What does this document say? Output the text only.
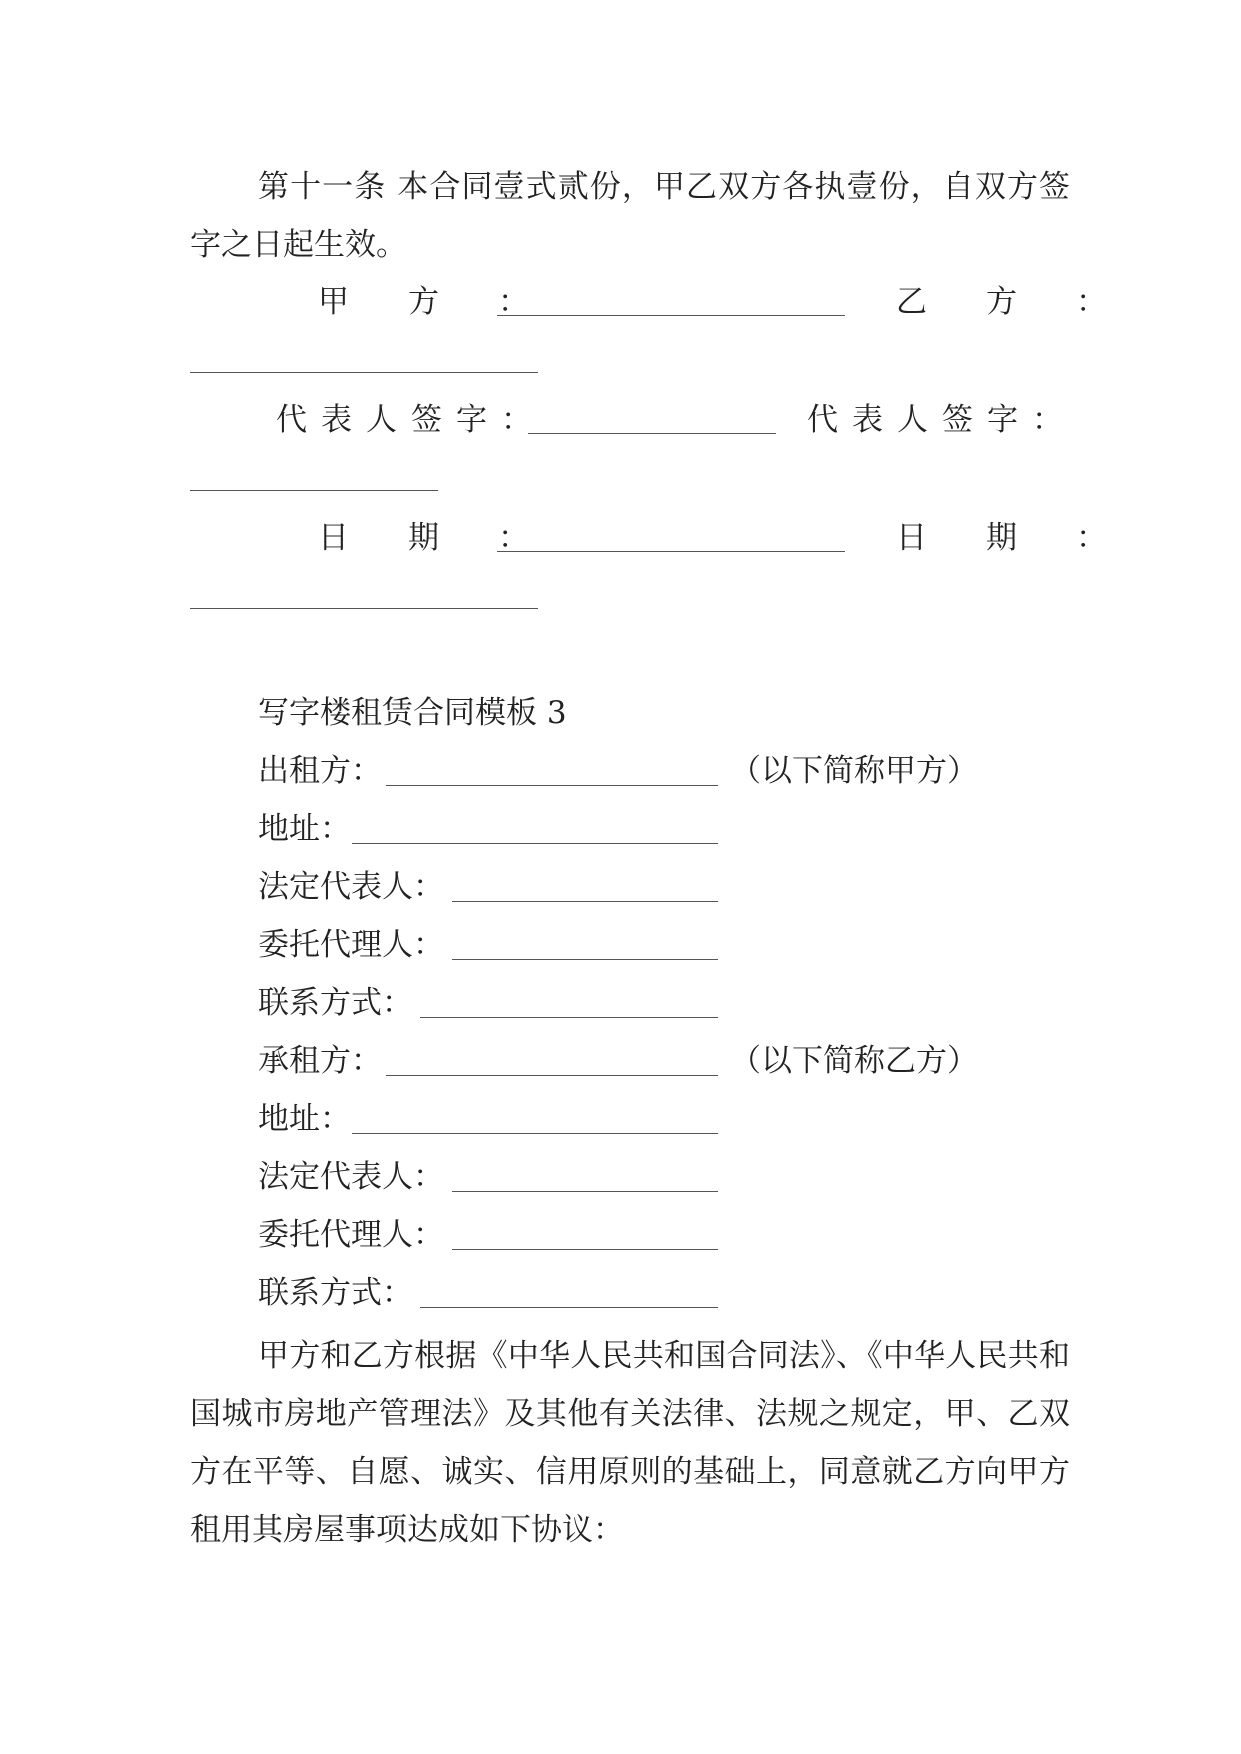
第十一条 本合同壹式贰份，甲乙双方各执壹份，自双方签字之日起生效。
甲　方　：	乙　方　：
代表人签字：	代表人签字：
日　期　：	日　期　：
写字楼租赁合同模板 3
出租方：	（以下简称甲方）
地址：
法定代表人：
委托代理人：
联系方式：
承租方：	（以下简称乙方）
地址：
法定代表人：
委托代理人：
联系方式：
甲方和乙方根据《中华人民共和国合同法》、《中华人民共和国城市房地产管理法》及其他有关法律、法规之规定，甲、乙双方在平等、自愿、诚实、信用原则的基础上，同意就乙方向甲方租用其房屋事项达成如下协议：
